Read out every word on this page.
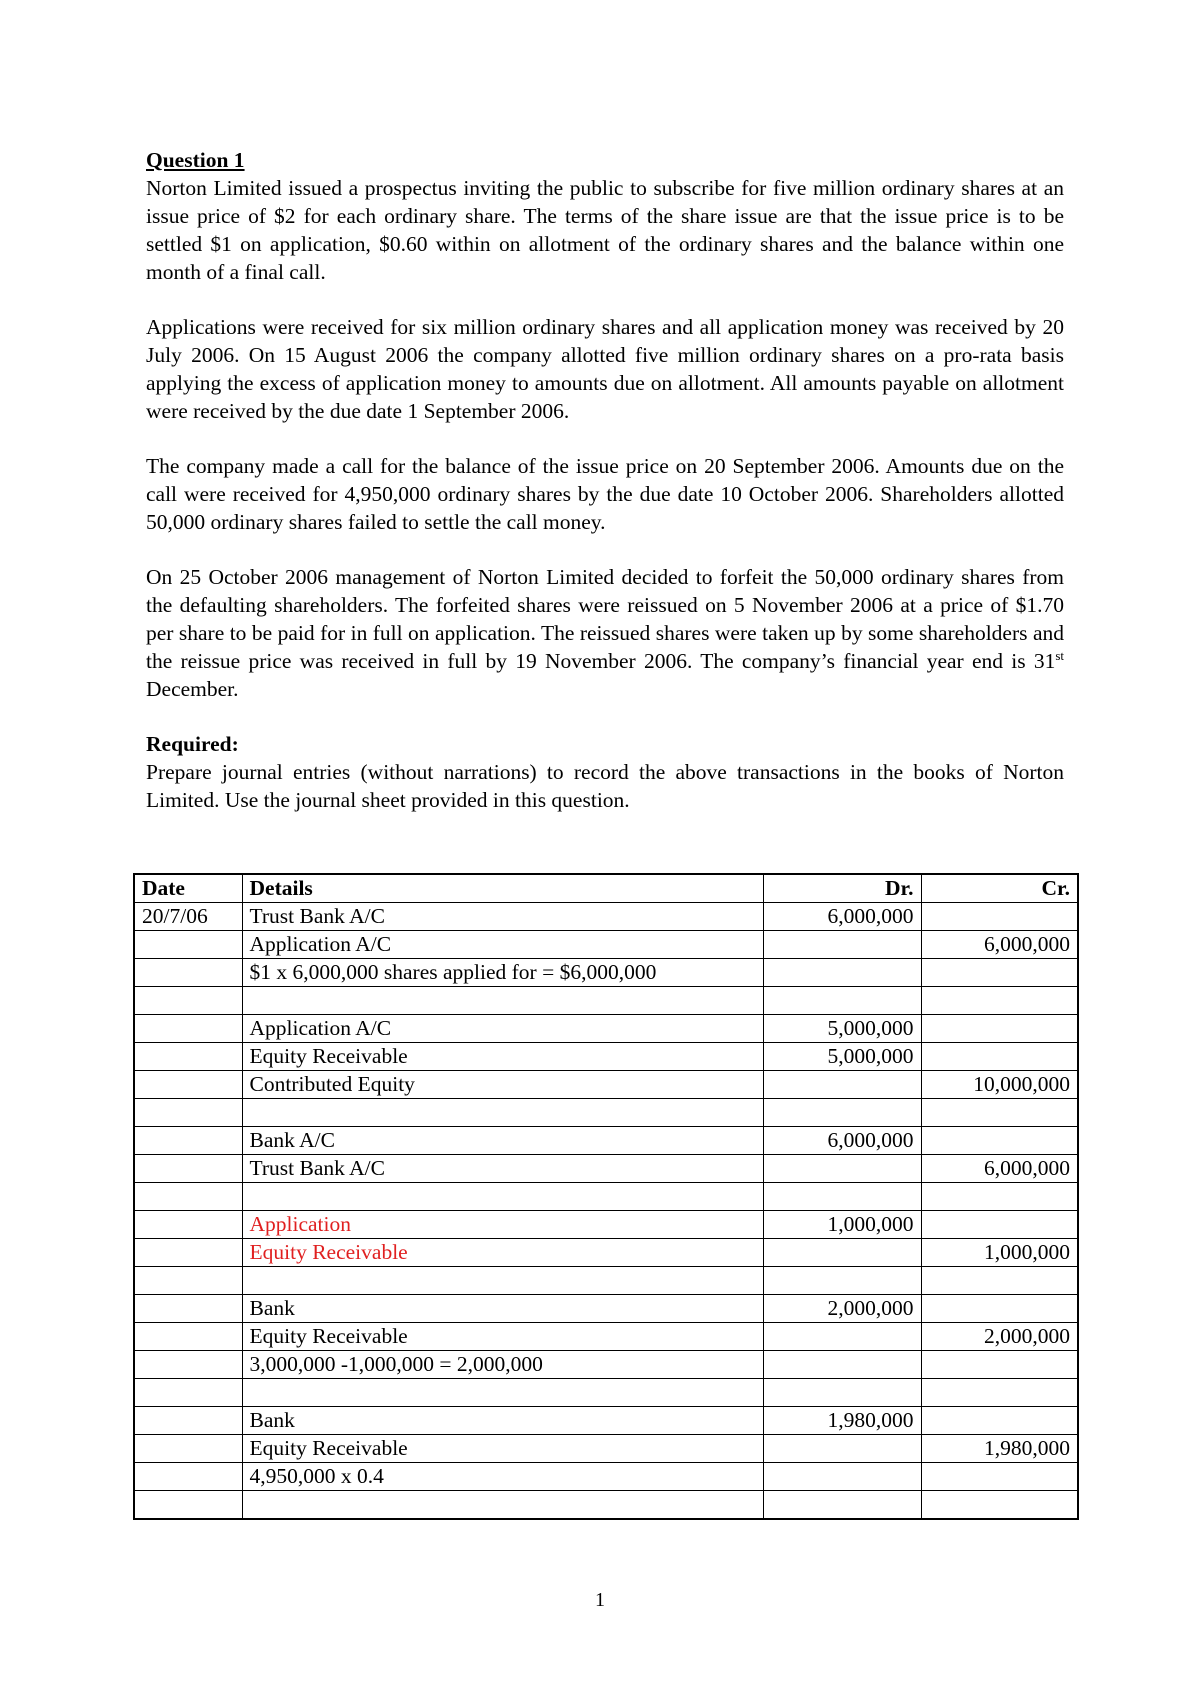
Question 1

Norton Limited issued a prospectus inviting the public to subscribe for five million ordinary shares at an issue price of $2 for each ordinary share. The terms of the share issue are that the issue price is to be settled $1 on application, $0.60 within on allotment of the ordinary shares and the balance within one month of a final call.

Applications were received for six million ordinary shares and all application money was received by 20 July 2006. On 15 August 2006 the company allotted five million ordinary shares on a pro-rata basis applying the excess of application money to amounts due on allotment. All amounts payable on allotment were received by the due date 1 September 2006.

The company made a call for the balance of the issue price on 20 September 2006. Amounts due on the call were received for 4,950,000 ordinary shares by the due date 10 October 2006. Shareholders allotted 50,000 ordinary shares failed to settle the call money.

On 25 October 2006 management of Norton Limited decided to forfeit the 50,000 ordinary shares from the defaulting shareholders. The forfeited shares were reissued on 5 November 2006 at a price of $1.70 per share to be paid for in full on application. The reissued shares were taken up by some shareholders and the reissue price was received in full by 19 November 2006. The company’s financial year end is 31st December.

Required:

Prepare journal entries (without narrations) to record the above transactions in the books of Norton Limited. Use the journal sheet provided in this question.

Date	Details	Dr.	Cr.
20/7/06	Trust Bank A/C	6,000,000	
	Application A/C		6,000,000
	$1 x 6,000,000 shares applied for = $6,000,000		

	Application A/C	5,000,000	
	Equity Receivable	5,000,000	
	Contributed Equity		10,000,000

	Bank A/C	6,000,000	
	Trust Bank A/C		6,000,000

	Application	1,000,000	
	Equity Receivable		1,000,000

	Bank	2,000,000	
	Equity Receivable		2,000,000
	3,000,000 -1,000,000 = 2,000,000		

	Bank	1,980,000	
	Equity Receivable		1,980,000
	4,950,000 x 0.4		

1
